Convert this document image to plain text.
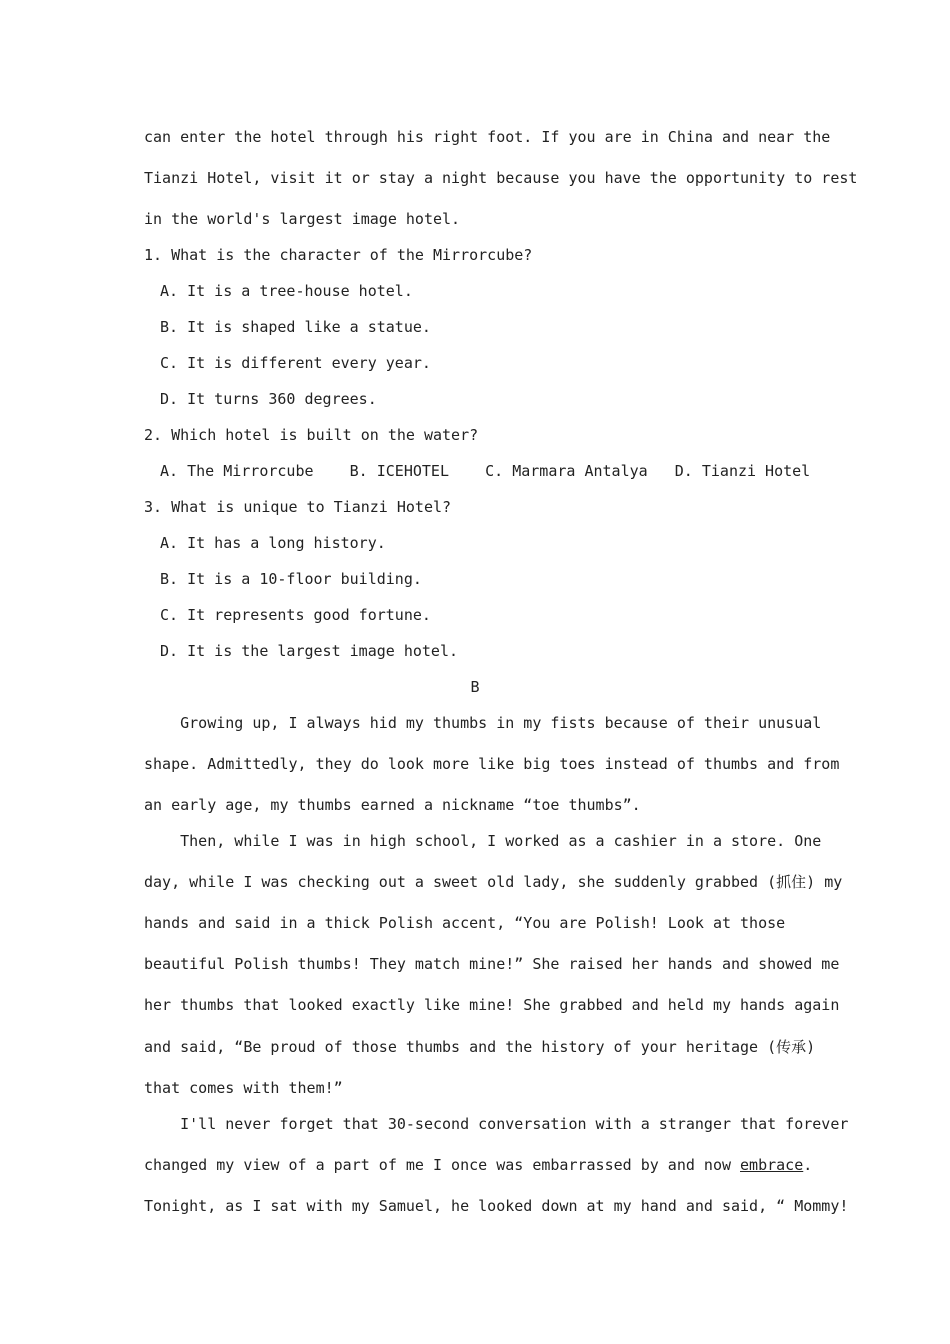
can enter the hotel through his right foot. If you are in China and near the
Tianzi Hotel, visit it or stay a night because you have the opportunity to rest
in the world's largest image hotel.
1. What is the character of the Mirrorcube?
A. It is a tree-house hotel.
B. It is shaped like a statue.
C. It is different every year.
D. It turns 360 degrees.
2. Which hotel is built on the water?
A. The Mirrorcube    B. ICEHOTEL    C. Marmara Antalya   D. Tianzi Hotel
3. What is unique to Tianzi Hotel?
A. It has a long history.
B. It is a 10-floor building.
C. It represents good fortune.
D. It is the largest image hotel.
B
Growing up, I always hid my thumbs in my fists because of their unusual
shape. Admittedly, they do look more like big toes instead of thumbs and from
an early age, my thumbs earned a nickname “toe thumbs”.
Then, while I was in high school, I worked as a cashier in a store. One
day, while I was checking out a sweet old lady, she suddenly grabbed (抓住) my
hands and said in a thick Polish accent, “You are Polish! Look at those
beautiful Polish thumbs! They match mine!” She raised her hands and showed me
her thumbs that looked exactly like mine! She grabbed and held my hands again
and said, “Be proud of those thumbs and the history of your heritage (传承)
that comes with them!”
I'll never forget that 30-second conversation with a stranger that forever
changed my view of a part of me I once was embarrassed by and now embrace.
Tonight, as I sat with my Samuel, he looked down at my hand and said, “ Mommy!
